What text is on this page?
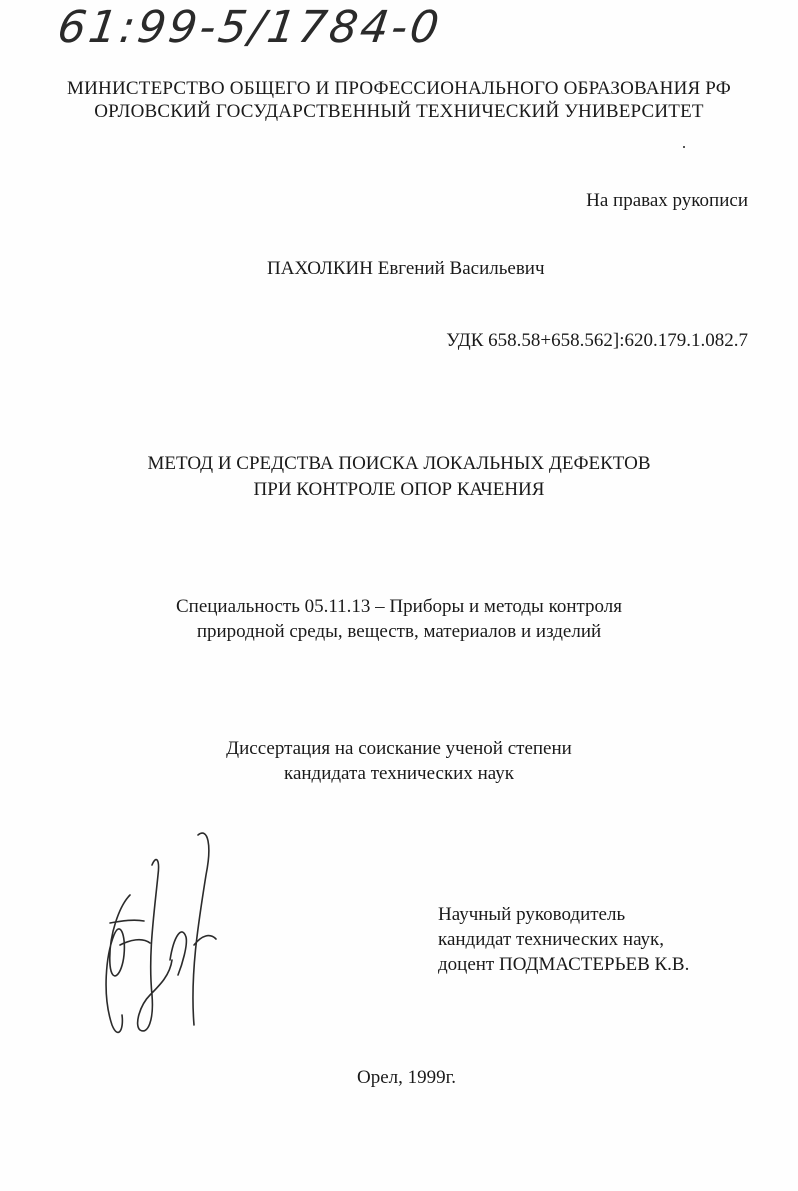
61:99-5/1784-0
МИНИСТЕРСТВО ОБЩЕГО И ПРОФЕССИОНАЛЬНОГО ОБРАЗОВАНИЯ РФ
ОРЛОВСКИЙ ГОСУДАРСТВЕННЫЙ ТЕХНИЧЕСКИЙ УНИВЕРСИТЕТ

На правах рукописи

ПАХОЛКИН Евгений Васильевич

УДК 658.58+658.562]:620.179.1.082.7

МЕТОД И СРЕДСТВА ПОИСКА ЛОКАЛЬНЫХ ДЕФЕКТОВ
ПРИ КОНТРОЛЕ ОПОР КАЧЕНИЯ
Специальность 05.11.13 – Приборы и методы контроля
природной среды, веществ, материалов и изделий
Диссертация на соискание ученой степени
кандидата технических наук
Научный руководитель
кандидат технических наук,
доцент ПОДМАСТЕРЬЕВ К.В.

Орел, 1999г.
